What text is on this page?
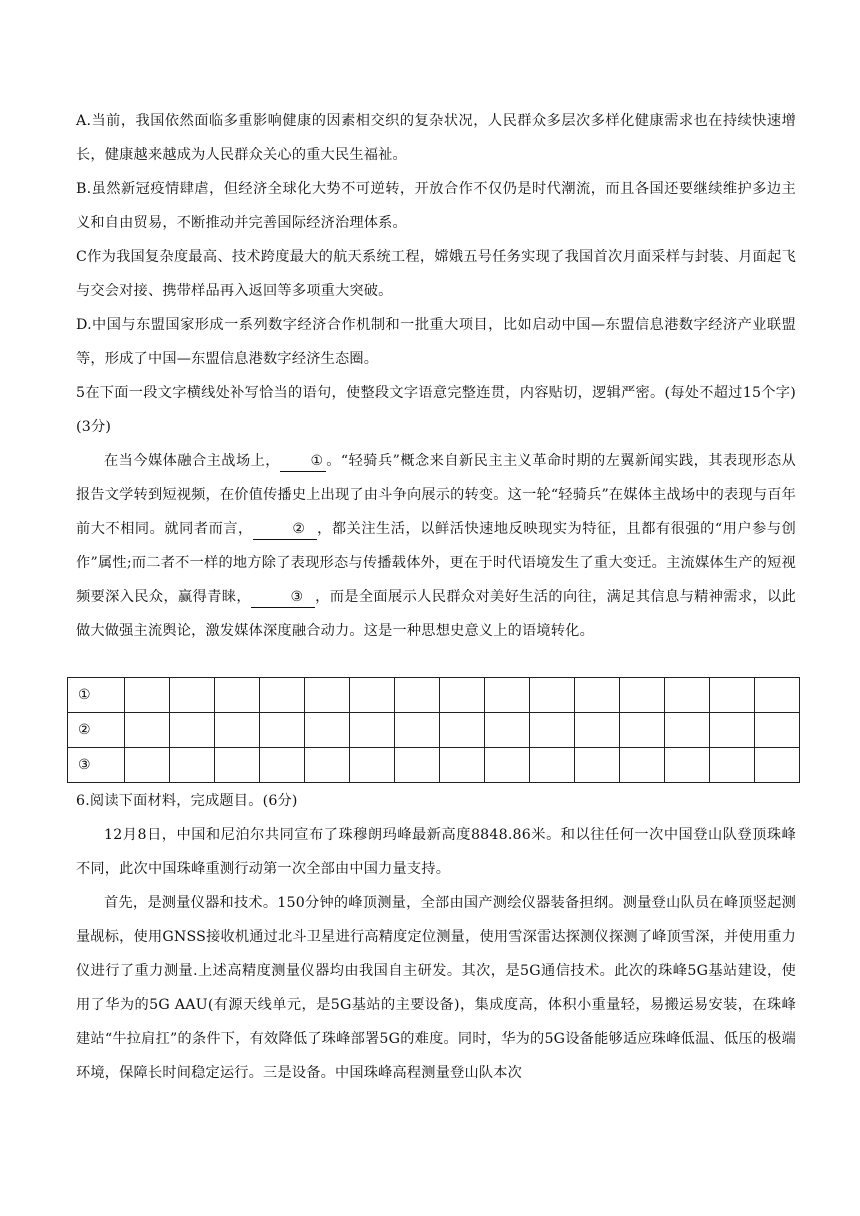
A.当前，我国依然面临多重影响健康的因素相交织的复杂状况，人民群众多层次多样化健康需求也在持续快速增长，健康越来越成为人民群众关心的重大民生福祉。
B.虽然新冠疫情肆虐，但经济全球化大势不可逆转，开放合作不仅仍是时代潮流，而且各国还要继续维护多边主义和自由贸易，不断推动并完善国际经济治理体系。
C作为我国复杂度最高、技术跨度最大的航天系统工程，嫦娥五号任务实现了我国首次月面采样与封装、月面起飞与交会对接、携带样品再入返回等多项重大突破。
D.中国与东盟国家形成一系列数字经济合作机制和一批重大项目，比如启动中国—东盟信息港数字经济产业联盟等，形成了中国—东盟信息港数字经济生态圈。
5在下面一段文字横线处补写恰当的语句，使整段文字语意完整连贯，内容贴切，逻辑严密。(每处不超过15个字)(3分)
在当今媒体融合主战场上， ① 。“轻骑兵”概念来自新民主主义革命时期的左翼新闻实践，其表现形态从报告文学转到短视频，在价值传播史上出现了由斗争向展示的转变。这一轮“轻骑兵”在媒体主战场中的表现与百年前大不相同。就同者而言，	② ，都关注生活，以鲜活快速地反映现实为特征，且都有很强的“用户参与创作”属性;而二者不一样的地方除了表现形态与传播载体外，更在于时代语境发生了重大变迁。主流媒体生产的短视频要深入民众，赢得青睐，	③ ，而是全面展示人民群众对美好生活的向往，满足其信息与精神需求，以此做大做强主流舆论，激发媒体深度融合动力。这是一种思想史意义上的语境转化。
①															
②															
③															
6.阅读下面材料，完成题目。(6分)
12月8日，中国和尼泊尔共同宣布了珠穆朗玛峰最新高度8848.86米。和以往任何一次中国登山队登顶珠峰不同，此次中国珠峰重测行动第一次全部由中国力量支持。
首先，是测量仪器和技术。150分钟的峰顶测量，全部由国产测绘仪器装备担纲。测量登山队员在峰顶竖起测量觇标，使用GNSS接收机通过北斗卫星进行高精度定位测量，使用雪深雷达探测仪探测了峰顶雪深，并使用重力仪进行了重力测量.上述高精度测量仪器均由我国自主研发。其次，是5G通信技术。此次的珠峰5G基站建设，使用了华为的5G AAU(有源天线单元，是5G基站的主要设备)，集成度高，体积小重量轻，易搬运易安装，在珠峰建站“牛拉肩扛”的条件下，有效降低了珠峰部署5G的难度。同时，华为的5G设备能够适应珠峰低温、低压的极端环境，保障长时间稳定运行。三是设备。中国珠峰高程测量登山队本次
